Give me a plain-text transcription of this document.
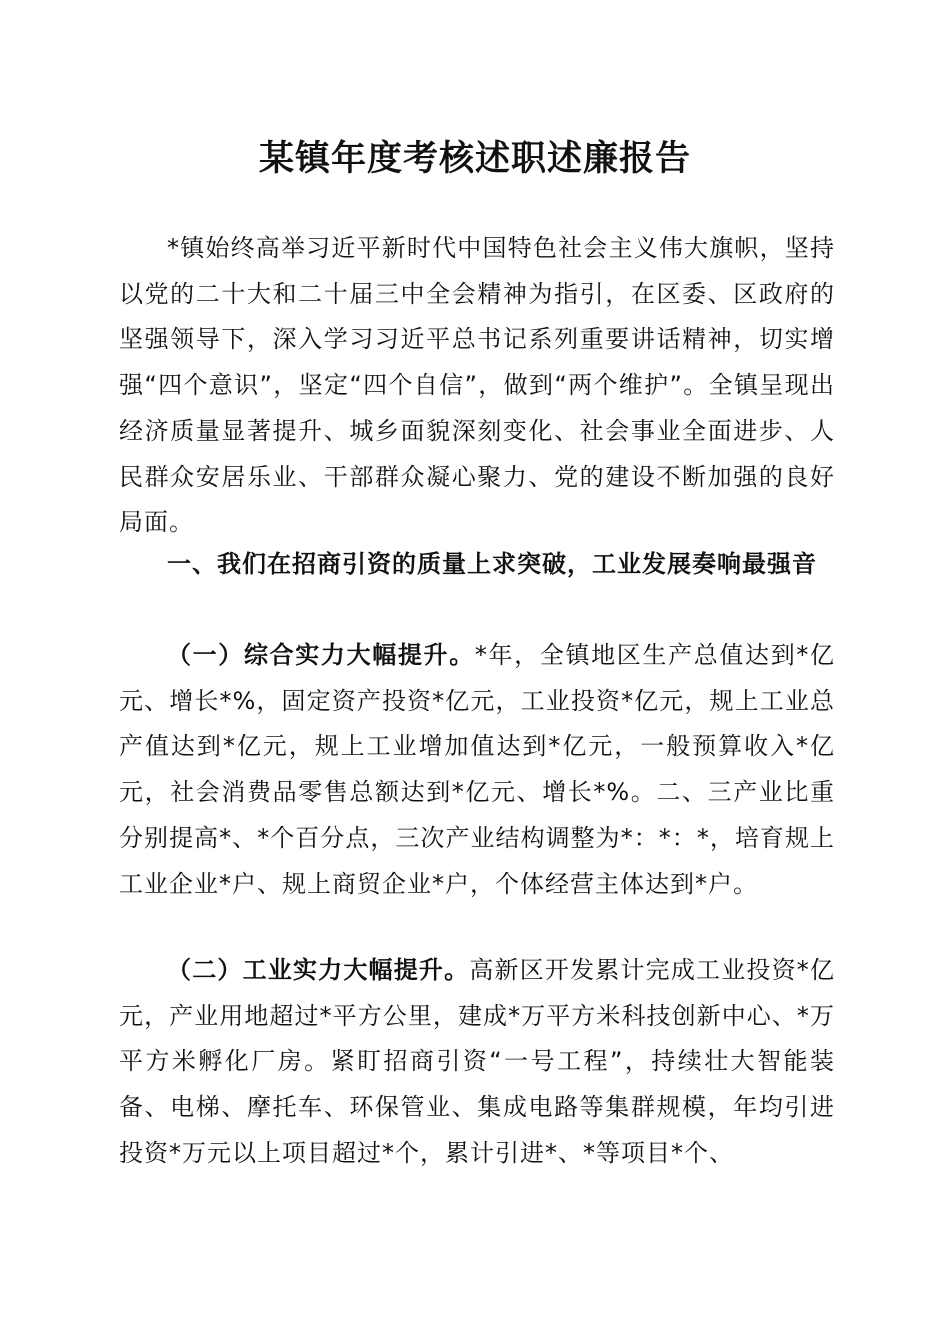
某镇年度考核述职述廉报告

*镇始终高举习近平新时代中国特色社会主义伟大旗帜，坚持以党的二十大和二十届三中全会精神为指引，在区委、区政府的坚强领导下，深入学习习近平总书记系列重要讲话精神，切实增强“四个意识”，坚定“四个自信”，做到“两个维护”。全镇呈现出经济质量显著提升、城乡面貌深刻变化、社会事业全面进步、人民群众安居乐业、干部群众凝心聚力、党的建设不断加强的良好局面。

一、我们在招商引资的质量上求突破，工业发展奏响最强音

（一）综合实力大幅提升。*年，全镇地区生产总值达到*亿元、增长*%，固定资产投资*亿元，工业投资*亿元，规上工业总产值达到*亿元，规上工业增加值达到*亿元，一般预算收入*亿元，社会消费品零售总额达到*亿元、增长*%。二、三产业比重分别提高*、*个百分点，三次产业结构调整为*：*：*，培育规上工业企业*户、规上商贸企业*户，个体经营主体达到*户。

（二）工业实力大幅提升。高新区开发累计完成工业投资*亿元，产业用地超过*平方公里，建成*万平方米科技创新中心、*万平方米孵化厂房。紧盯招商引资“一号工程”，持续壮大智能装备、电梯、摩托车、环保管业、集成电路等集群规模，年均引进投资*万元以上项目超过*个，累计引进*、*等项目*个、
